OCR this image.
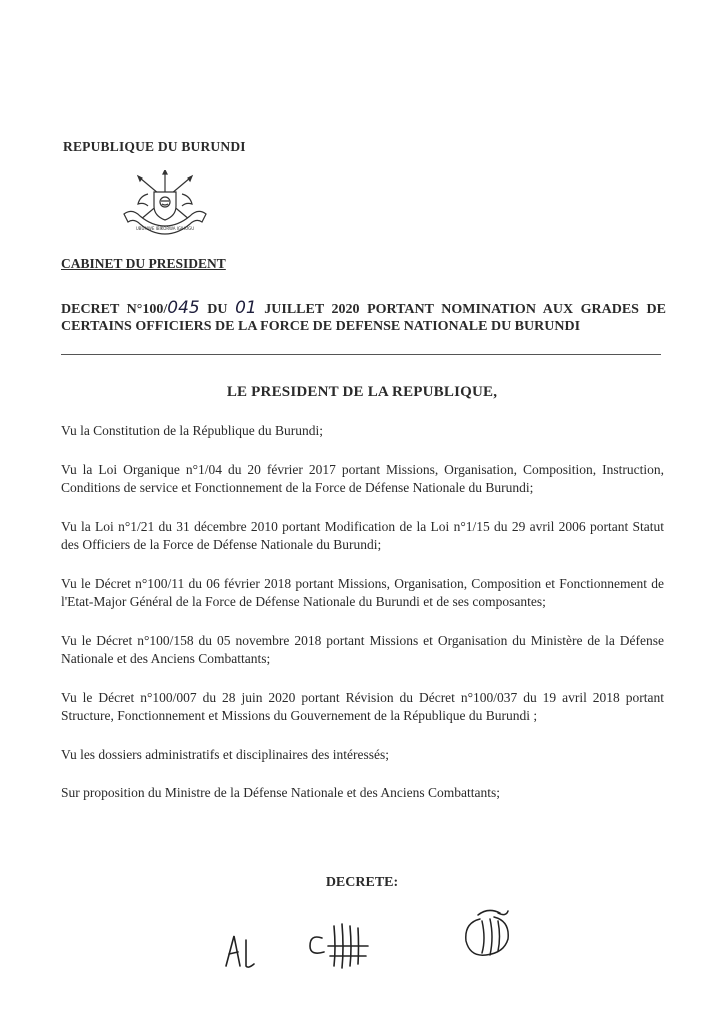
REPUBLIQUE DU BURUNDI
UBUMWE IBIKORWA IGIHUGU
CABINET DU PRESIDENT
DECRET N°100/045 DU 01 JUILLET 2020 PORTANT NOMINATION AUX GRADES DE CERTAINS OFFICIERS DE LA FORCE DE DEFENSE NATIONALE DU BURUNDI
LE PRESIDENT DE LA REPUBLIQUE,

Vu la Constitution de la République du Burundi;

Vu la Loi Organique n°1/04 du 20 février 2017 portant Missions, Organisation, Composition, Instruction, Conditions de service et Fonctionnement de la Force de Défense Nationale du Burundi;

Vu la Loi n°1/21 du 31 décembre 2010 portant Modification de la Loi n°1/15 du 29 avril 2006 portant Statut des Officiers de la Force de Défense Nationale du Burundi;

Vu le Décret n°100/11 du 06 février 2018 portant Missions, Organisation, Composition et Fonctionnement de l'Etat-Major Général de la Force de Défense Nationale du Burundi et de ses composantes;

Vu le Décret n°100/158 du 05 novembre 2018 portant Missions et Organisation du Ministère de la Défense Nationale et des Anciens Combattants;

Vu le Décret n°100/007 du 28 juin 2020 portant Révision du Décret n°100/037 du 19 avril 2018 portant Structure, Fonctionnement et Missions du Gouvernement de la République du Burundi ;

Vu les dossiers administratifs et disciplinaires des intéressés;

Sur proposition du Ministre de la Défense Nationale et des Anciens Combattants;

DECRETE:
